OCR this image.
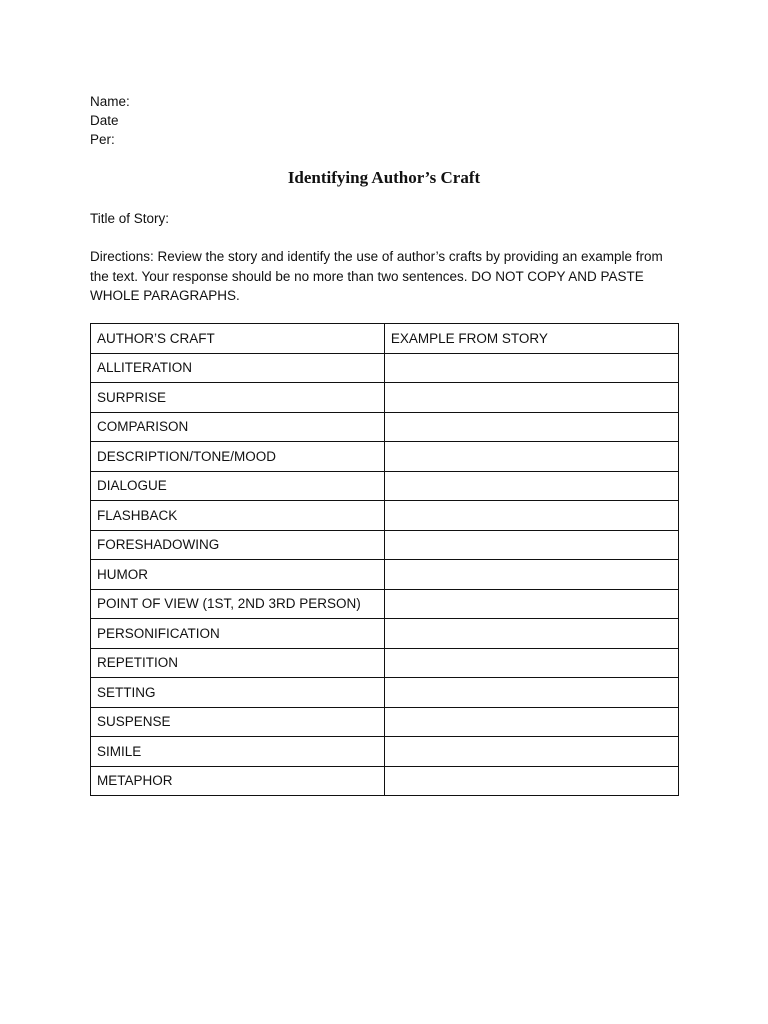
Name:
Date
Per:
Identifying Author’s Craft
Title of Story:
Directions: Review the story and identify the use of author’s crafts by providing an example from the text. Your response should be no more than two sentences. DO NOT COPY AND PASTE WHOLE PARAGRAPHS.
AUTHOR’S CRAFT	EXAMPLE FROM STORY
ALLITERATION	
SURPRISE	
COMPARISON	
DESCRIPTION/TONE/MOOD	
DIALOGUE	
FLASHBACK	
FORESHADOWING	
HUMOR	
POINT OF VIEW (1ST, 2ND 3RD PERSON)	
PERSONIFICATION	
REPETITION	
SETTING	
SUSPENSE	
SIMILE	
METAPHOR	
